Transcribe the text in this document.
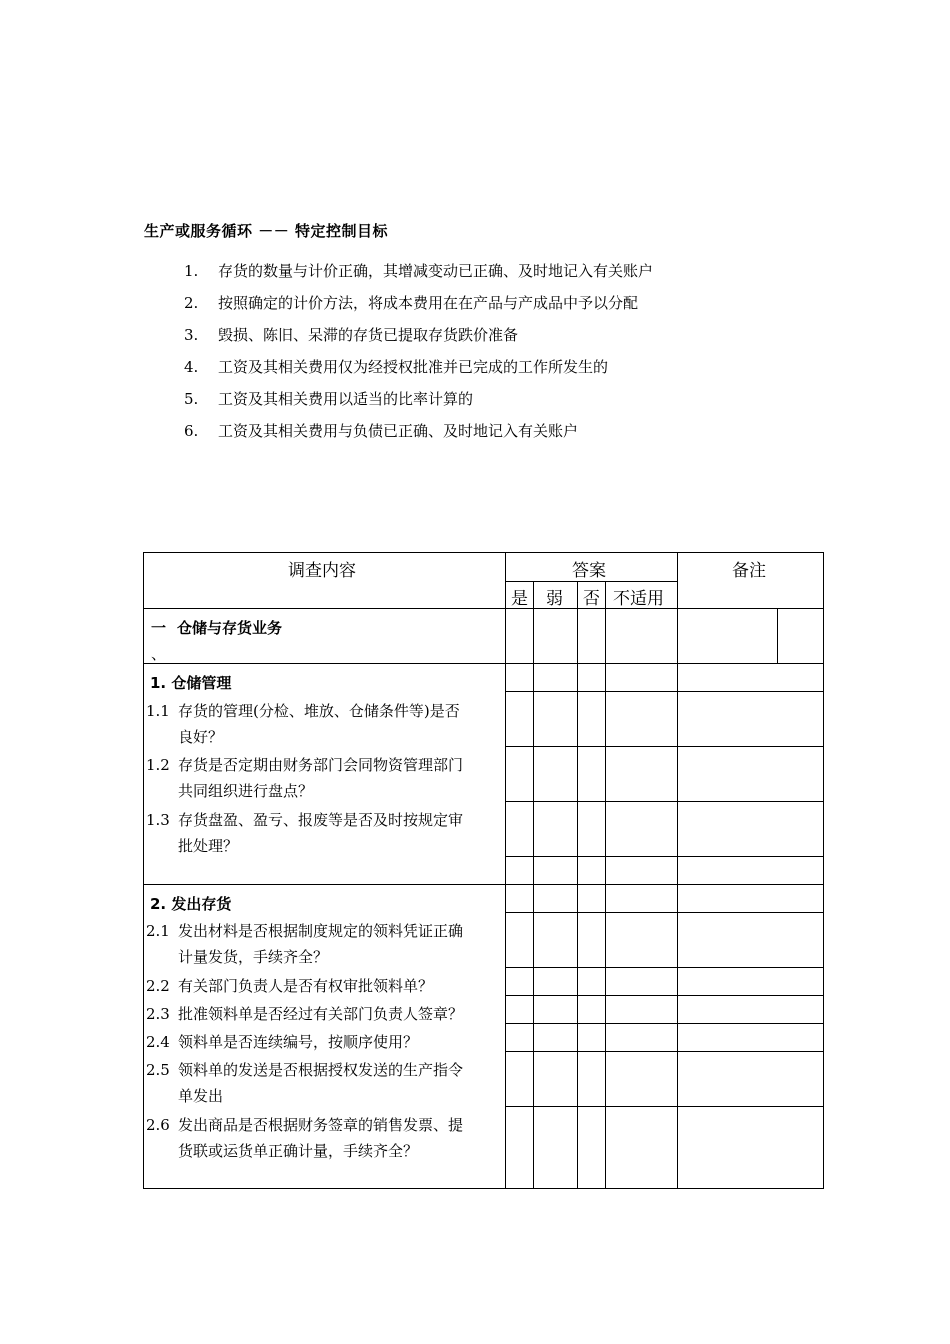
生产或服务循环 －－ 特定控制目标
1. 存货的数量与计价正确，其增减变动已正确、及时地记入有关账户
2. 按照确定的计价方法，将成本费用在在产品与产成品中予以分配
3. 毁损、陈旧、呆滞的存货已提取存货跌价准备
4. 工资及其相关费用仅为经授权批准并已完成的工作所发生的
5. 工资及其相关费用以适当的比率计算的
6. 工资及其相关费用与负债已正确、及时地记入有关账户
调查内容	答案	备注
是 弱 否 不适用
一 仓储与存货业务
、
1. 仓储管理
1.1 存货的管理(分检、堆放、仓储条件等)是否
良好？
1.2 存货是否定期由财务部门会同物资管理部门
共同组织进行盘点？
1.3 存货盘盈、盈亏、报废等是否及时按规定审
批处理？
2. 发出存货
2.1 发出材料是否根据制度规定的领料凭证正确
计量发货，手续齐全？
2.2 有关部门负责人是否有权审批领料单？
2.3 批准领料单是否经过有关部门负责人签章？
2.4 领料单是否连续编号，按顺序使用？
2.5 领料单的发送是否根据授权发送的生产指令
单发出
2.6 发出商品是否根据财务签章的销售发票、提
货联或运货单正确计量，手续齐全？
